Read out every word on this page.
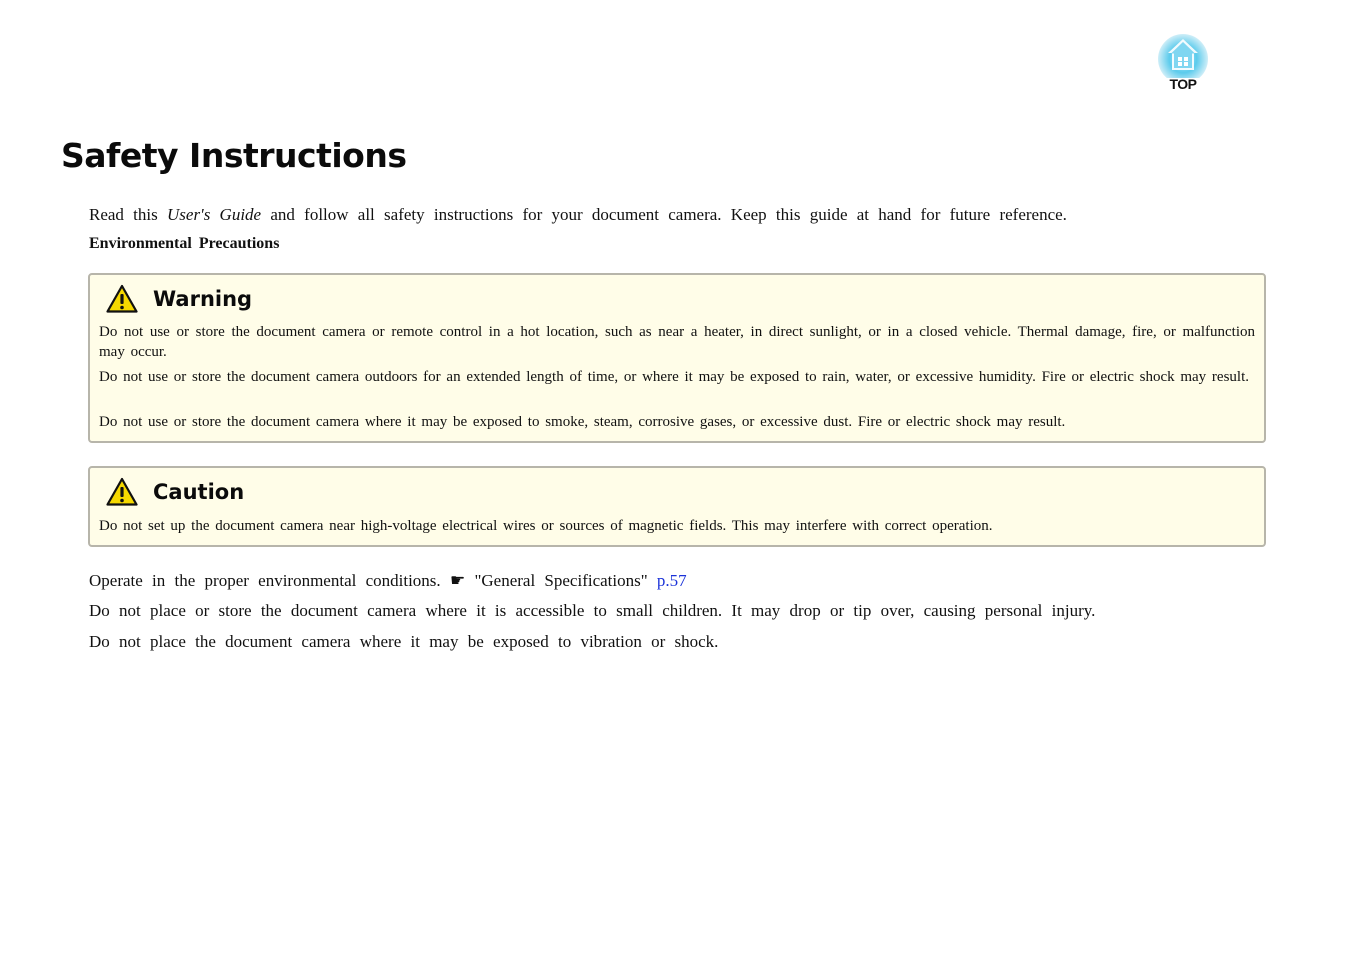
TOP
Safety Instructions

Read this User's Guide and follow all safety instructions for your document camera. Keep this guide at hand for future reference.

Environmental Precautions

Warning

Do not use or store the document camera or remote control in a hot location, such as near a heater, in direct sunlight, or in a closed vehicle. Thermal damage, fire, or malfunction may occur.

Do not use or store the document camera outdoors for an extended length of time, or where it may be exposed to rain, water, or excessive humidity. Fire or electric shock may result.

Do not use or store the document camera where it may be exposed to smoke, steam, corrosive gases, or excessive dust. Fire or electric shock may result.

Caution

Do not set up the document camera near high-voltage electrical wires or sources of magnetic fields. This may interfere with correct operation.

Operate in the proper environmental conditions. ☛ "General Specifications" p.57

Do not place or store the document camera where it is accessible to small children. It may drop or tip over, causing personal injury.

Do not place the document camera where it may be exposed to vibration or shock.
